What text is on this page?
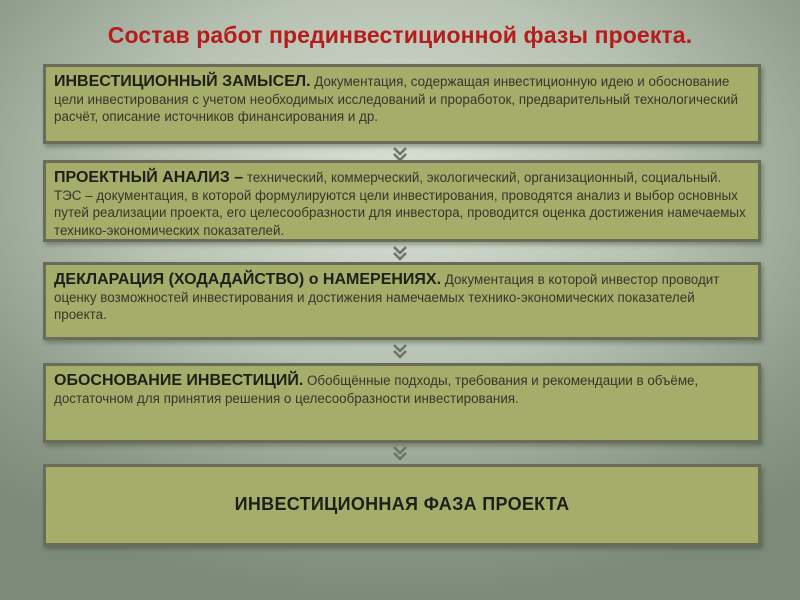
Состав работ прединвестиционной фазы проекта.
ИНВЕСТИЦИОННЫЙ ЗАМЫСЕЛ. Документация, содержащая инвестиционную идею и обоснование цели инвестирования с учетом необходимых исследований и проработок, предварительный технологический расчёт, описание источников финансирования и др.
ПРОЕКТНЫЙ АНАЛИЗ – технический, коммерческий, экологический, организационный, социальный. ТЭС – документация, в которой формулируются цели инвестирования, проводятся анализ и выбор основных путей реализации проекта, его целесообразности для инвестора, проводится оценка достижения намечаемых технико-экономических показателей.
ДЕКЛАРАЦИЯ (ХОДАДАЙСТВО) о НАМЕРЕНИЯХ. Документация в которой инвестор проводит оценку возможностей инвестирования и достижения намечаемых технико-экономических показателей проекта.
ОБОСНОВАНИЕ ИНВЕСТИЦИЙ. Обобщённые подходы, требования и рекомендации в объёме, достаточном для принятия решения о целесообразности инвестирования.
ИНВЕСТИЦИОННАЯ ФАЗА ПРОЕКТА
